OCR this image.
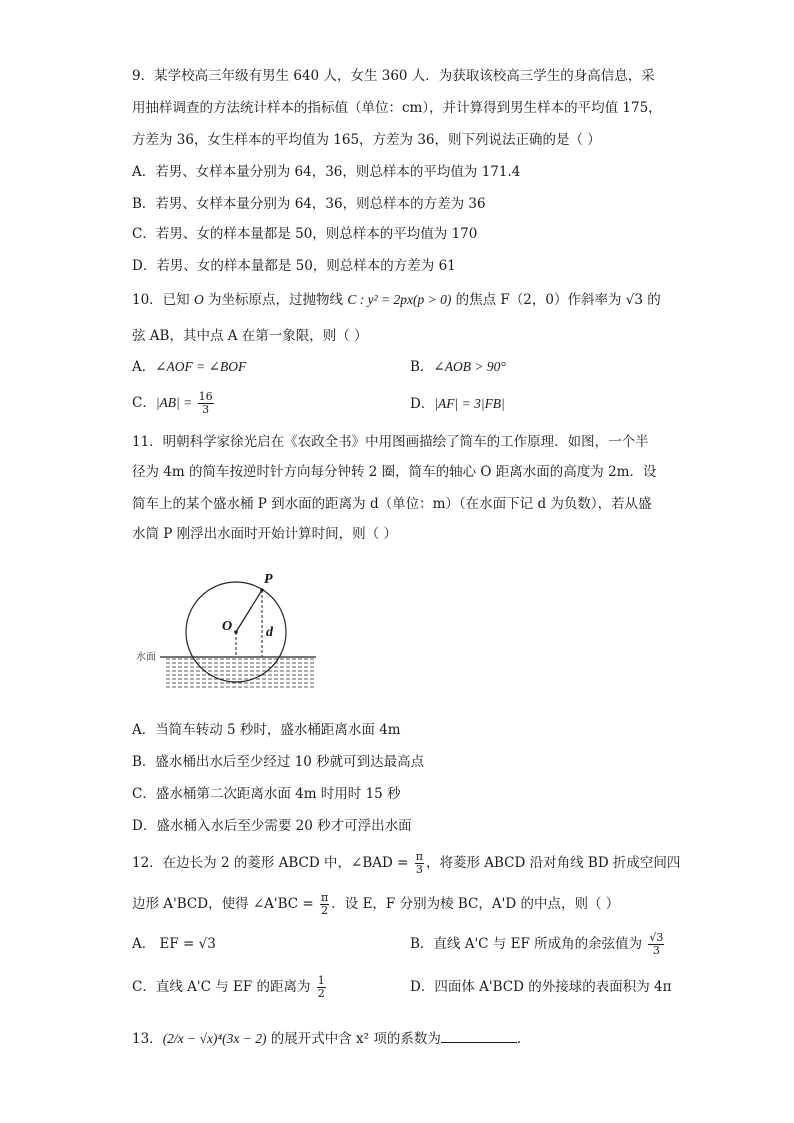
9．某学校高三年级有男生 640 人，女生 360 人．为获取该校高三学生的身高信息，采
用抽样调查的方法统计样本的指标值（单位：cm），并计算得到男生样本的平均值 175，
方差为 36，女生样本的平均值为 165，方差为 36，则下列说法正确的是（ ）
A．若男、女样本量分别为 64，36，则总样本的平均值为 171.4
B．若男、女样本量分别为 64，36，则总样本的方差为 36
C．若男、女的样本量都是 50，则总样本的平均值为 170
D．若男、女的样本量都是 50，则总样本的方差为 61
10．已知 O 为坐标原点，过抛物线 C : y² = 2px(p > 0) 的焦点 F（2，0）作斜率为 √3 的
弦 AB，其中点 A 在第一象限，则（ ）
A．∠AOF = ∠BOF	B．∠AOB > 90°
C．$|AB| = \frac{16}{3}$	D．|AF| = 3|FB|
11．明朝科学家徐光启在《农政全书》中用图画描绘了简车的工作原理．如图，一个半
径为 4m 的简车按逆时针方向每分钟转 2 圈，简车的轴心 O 距离水面的高度为 2m．设
简车上的某个盛水桶 P 到水面的距离为 d（单位：m）（在水面下记 d 为负数），若从盛
水筒 P 刚浮出水面时开始计算时间，则（ ）
P
O d
水面
A．当简车转动 5 秒时，盛水桶距离水面 4m
B．盛水桶出水后至少经过 10 秒就可到达最高点
C．盛水桶第二次距离水面 4m 时用时 15 秒
D．盛水桶入水后至少需要 20 秒才可浮出水面
12．在边长为 2 的菱形 ABCD 中，∠BAD = $\frac{\pi}{3}$ ，将菱形 ABCD 沿对角线 BD 折成空间四
边形 A'BCD，使得 ∠A'BC = $\frac{\pi}{2}$ ．设 E，F 分别为棱 BC，A'D 的中点，则（ ）
A． EF = √3	B．直线 A'C 与 EF 所成角的余弦值为 $\frac{√3}{3}$
C．直线 A'C 与 EF 的距离为 $\frac{1}{2}$	D．四面体 A'BCD 的外接球的表面积为 4π
13．(2/x − √x)⁴(3x − 2) 的展开式中含 x² 项的系数为	．
